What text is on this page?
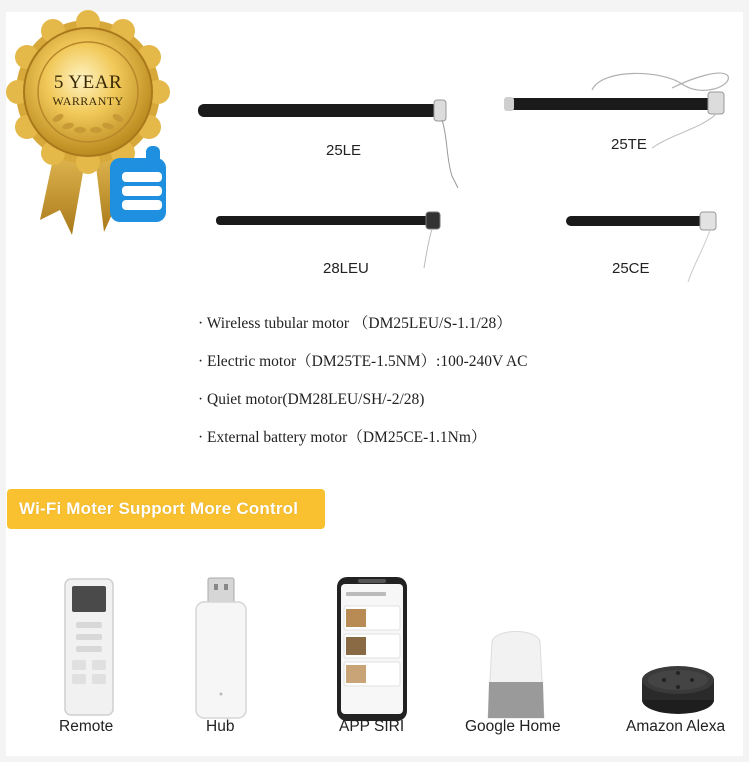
5 YEAR
WARRANTY
25LE	25TE
28LEU	25CE
· Wireless tubular motor （DM25LEU/S-1.1/28）
· Electric motor（DM25TE-1.5NM）:100-240V AC
· Quiet motor(DM28LEU/SH/-2/28)
· External battery motor（DM25CE-1.1Nm）
Wi-Fi Moter Support More Control
Remote	Hub	APP SIRI	Google Home	Amazon Alexa
